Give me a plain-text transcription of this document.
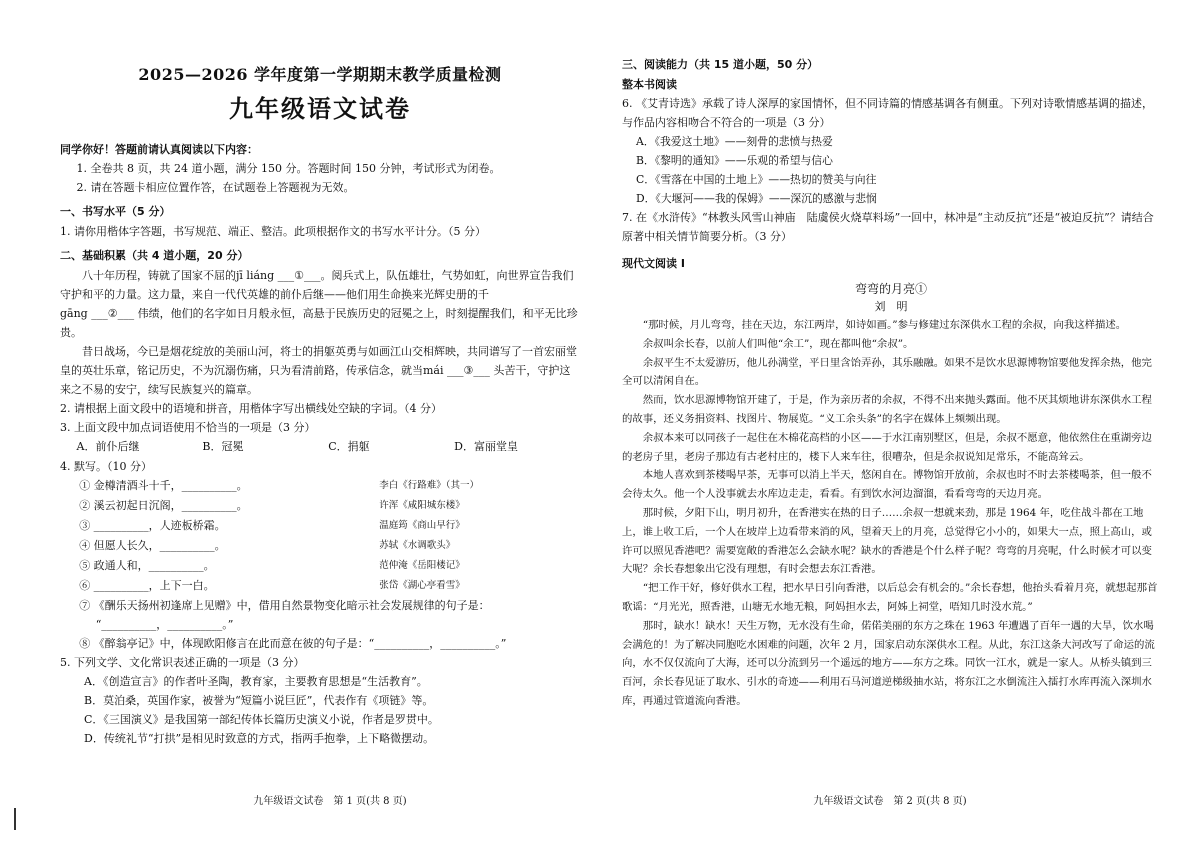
2025—2026 学年度第一学期期末教学质量检测
九年级语文试卷

同学你好！答题前请认真阅读以下内容：

1. 全卷共 8 页，共 24 道小题，满分 150 分。答题时间 150 分钟，考试形式为闭卷。

2. 请在答题卡相应位置作答，在试题卷上答题视为无效。

一、书写水平（5 分）

1. 请你用楷体字答题，书写规范、端正、整洁。此项根据作文的书写水平计分。（5 分）

二、基础积累（共 4 道小题，20 分）

八十年历程，铸就了国家不屈的jī liáng ___①___。阅兵式上，队伍雄壮，气势如虹，向世界宣告我们守护和平的力量。这力量，来自一代代英雄的前仆后继——他们用生命换来光辉史册的千

gāng ___②___ 伟绩，他们的名字如日月般永恒，高悬于民族历史的冠冕之上，时刻提醒我们，和平无比珍贵。

昔日战场，今已是烟花绽放的美丽山河，将士的捐躯英勇与如画江山交相辉映，共同谱写了一首宏丽堂皇的英壮乐章，铭记历史，不为沉溺伤痛，只为看清前路，传承信念，就当mái ___③___ 头苦干，守护这来之不易的安宁，续写民族复兴的篇章。

2. 请根据上面文段中的语境和拼音，用楷体字写出横线处空缺的字词。（4 分）

3. 上面文段中加点词语使用不恰当的一项是（3 分）

A．前仆后继	B．冠冕	C．捐躯	D．富丽堂皇

4. 默写。（10 分）

① 金樽清酒斗十千，__________。	李白《行路难》（其一）
② 溪云初起日沉阁，__________。	许浑《咸阳城东楼》
③ __________，人迹板桥霜。	温庭筠《商山早行》
④ 但愿人长久，__________。	苏轼《水调歌头》
⑤ 政通人和，__________。	范仲淹《岳阳楼记》
⑥ __________，上下一白。	张岱《湖心亭看雪》

⑦ 《酬乐天扬州初逢席上见赠》中，借用自然景物变化暗示社会发展规律的句子是：

“__________，__________。”

⑧ 《醉翁亭记》中，体现欧阳修言在此而意在彼的句子是：“__________，__________。”

5. 下列文学、文化常识表述正确的一项是（3 分）

A．《创造宣言》的作者叶圣陶，教育家，主要教育思想是“生活教育”。

B．莫泊桑，英国作家，被誉为“短篇小说巨匠”，代表作有《项链》等。

C．《三国演义》是我国第一部纪传体长篇历史演义小说，作者是罗贯中。

D．传统礼节“打拱”是相见时致意的方式，指两手抱拳，上下略微摆动。

九年级语文试卷　第 1 页(共 8 页)

三、阅读能力（共 15 道小题，50 分）

整本书阅读

6. 《艾青诗选》承载了诗人深厚的家国情怀，但不同诗篇的情感基调各有侧重。下列对诗歌情感基调的描述，与作品内容相吻合不符合的一项是（3 分）

A．《我爱这土地》——刻骨的悲愤与热爱

B．《黎明的通知》——乐观的希望与信心

C．《雪落在中国的土地上》——热切的赞美与向往

D．《大堰河——我的保姆》——深沉的感激与悲悯

7. 在《水浒传》“林教头风雪山神庙　陆虞侯火烧草料场”一回中，林冲是“主动反抗”还是“被迫反抗”？请结合原著中相关情节简要分析。（3 分）

现代文阅读 I

弯弯的月亮①
刘　明

“那时候，月儿弯弯，挂在天边，东江两岸，如诗如画。”参与修建过东深供水工程的余叔，向我这样描述。

余叔叫余长春，以前人们叫他“余工”，现在都叫他“余叔”。

余叔平生不太爱游历，他儿孙满堂，平日里含饴弄孙，其乐融融。如果不是饮水思源博物馆要他发挥余热，他完全可以清闲自在。

然而，饮水思源博物馆开建了，于是，作为亲历者的余叔，不得不出来抛头露面。他不厌其烦地讲东深供水工程的故事，还义务捐资料、找图片、物展览。“义工余头条”的名字在媒体上频频出现。

余叔本来可以同孩子一起住在木棉花高档的小区——于水江南别墅区，但是，余叔不愿意，他依然住在重湖旁边的老房子里，老房子那边有古老村庄的，楼下人来车往，很嘈杂，但是余叔说知足常乐，不能高耸云。

本地人喜欢到茶楼喝早茶，无事可以消上半天，悠闲自在。博物馆开放前，余叔也时不时去茶楼喝茶，但一般不会待太久。他一个人没事就去水库边走走，看看。有到饮水河边溜溜，看看弯弯的天边月亮。

那时候，夕阳下山，明月初升，在香港实在热的日子……余叔一想就来劲，那是 1964 年，吃住战斗都在工地上，谁上收工后，一个人在坡岸上边看带来消的风，望着天上的月亮，总觉得它小小的，如果大一点，照上高山，或许可以照见香港吧？需要宽敞的香港怎么会缺水呢？缺水的香港是个什么样子呢？弯弯的月亮呢，什么时候才可以变大呢？余长春想象出它没有理想，有时会想去东江香港。

“把工作干好，修好供水工程，把水早日引向香港，以后总会有机会的。”余长春想，他抬头看着月亮，就想起那首歌谣：“月光光，照香港，山塘无水地无粮，阿妈担水去，阿姊上祠堂，唔知几时没水荒。”

那时，缺水！缺水！天生万物，无水没有生命，偌偌美丽的东方之珠在 1963 年遭遇了百年一遇的大旱，饮水喝会满危的！为了解决同胞吃水困难的问题，次年 2 月，国家启动东深供水工程。从此，东江这条大河改写了命运的流向，水不仅仅流向了大海，还可以分流到另一个遥远的地方——东方之珠。同饮一江水，就是一家人。从桥头镇到三百河，余长春见证了取水、引水的奇迹——利用石马河道逆梯级抽水站，将东江之水倒流注入擂打水库再流入深圳水库，再通过管道流向香港。

九年级语文试卷　第 2 页(共 8 页)
